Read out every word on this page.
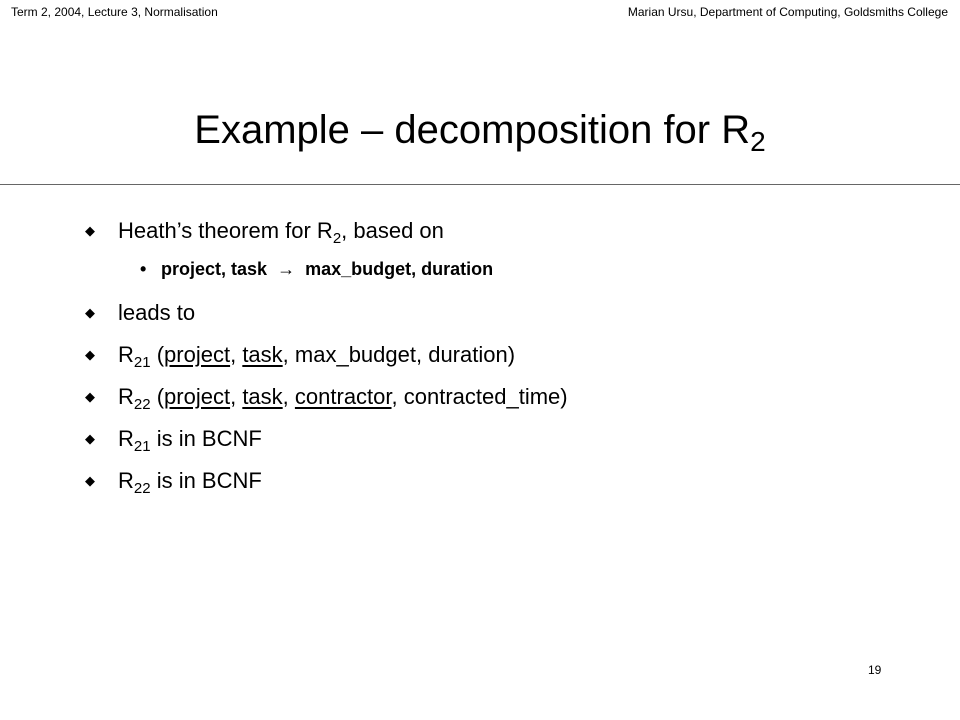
Term 2, 2004, Lecture 3, Normalisation	Marian Ursu, Department of Computing, Goldsmiths College
Example – decomposition for $R_2$
◆ Heath’s theorem for $R_2$, based on
• project, task → max_budget, duration
◆ leads to
◆ $R_{21}$ (project, task, max_budget, duration)
◆ $R_{22}$ (project, task, contractor, contracted_time)
◆ $R_{21}$ is in BCNF
◆ $R_{22}$ is in BCNF
19
